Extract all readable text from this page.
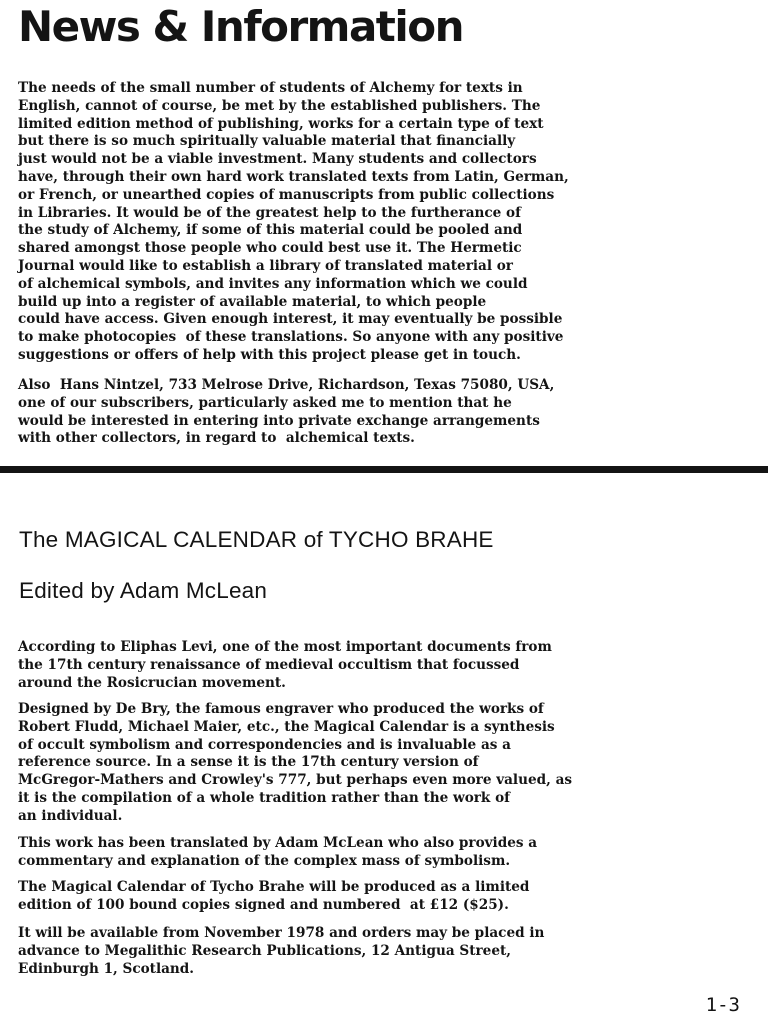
News & Information

The needs of the small number of students of Alchemy for texts in
English, cannot of course, be met by the established publishers. The
limited edition method of publishing, works for a certain type of text
but there is so much spiritually valuable material that financially
just would not be a viable investment. Many students and collectors
have, through their own hard work translated texts from Latin, German,
or French, or unearthed copies of manuscripts from public collections
in Libraries. It would be of the greatest help to the furtherance of
the study of Alchemy, if some of this material could be pooled and
shared amongst those people who could best use it. The Hermetic
Journal would like to establish a library of translated material or
of alchemical symbols, and invites any information which we could
build up into a register of available material, to which people
could have access. Given enough interest, it may eventually be possible
to make photocopies  of these translations. So anyone with any positive
suggestions or offers of help with this project please get in touch.

Also  Hans Nintzel, 733 Melrose Drive, Richardson, Texas 75080, USA,
one of our subscribers, particularly asked me to mention that he
would be interested in entering into private exchange arrangements
with other collectors, in regard to  alchemical texts.

The MAGICAL CALENDAR of TYCHO BRAHE
Edited by Adam McLean

According to Eliphas Levi, one of the most important documents from
the 17th century renaissance of medieval occultism that focussed
around the Rosicrucian movement.

Designed by De Bry, the famous engraver who produced the works of
Robert Fludd, Michael Maier, etc., the Magical Calendar is a synthesis
of occult symbolism and correspondencies and is invaluable as a
reference source. In a sense it is the 17th century version of
McGregor-Mathers and Crowley's 777, but perhaps even more valued, as
it is the compilation of a whole tradition rather than the work of
an individual.

This work has been translated by Adam McLean who also provides a
commentary and explanation of the complex mass of symbolism.

The Magical Calendar of Tycho Brahe will be produced as a limited
edition of 100 bound copies signed and numbered  at £12 ($25).

It will be available from November 1978 and orders may be placed in
advance to Megalithic Research Publications, 12 Antigua Street,
Edinburgh 1, Scotland.

1-3
